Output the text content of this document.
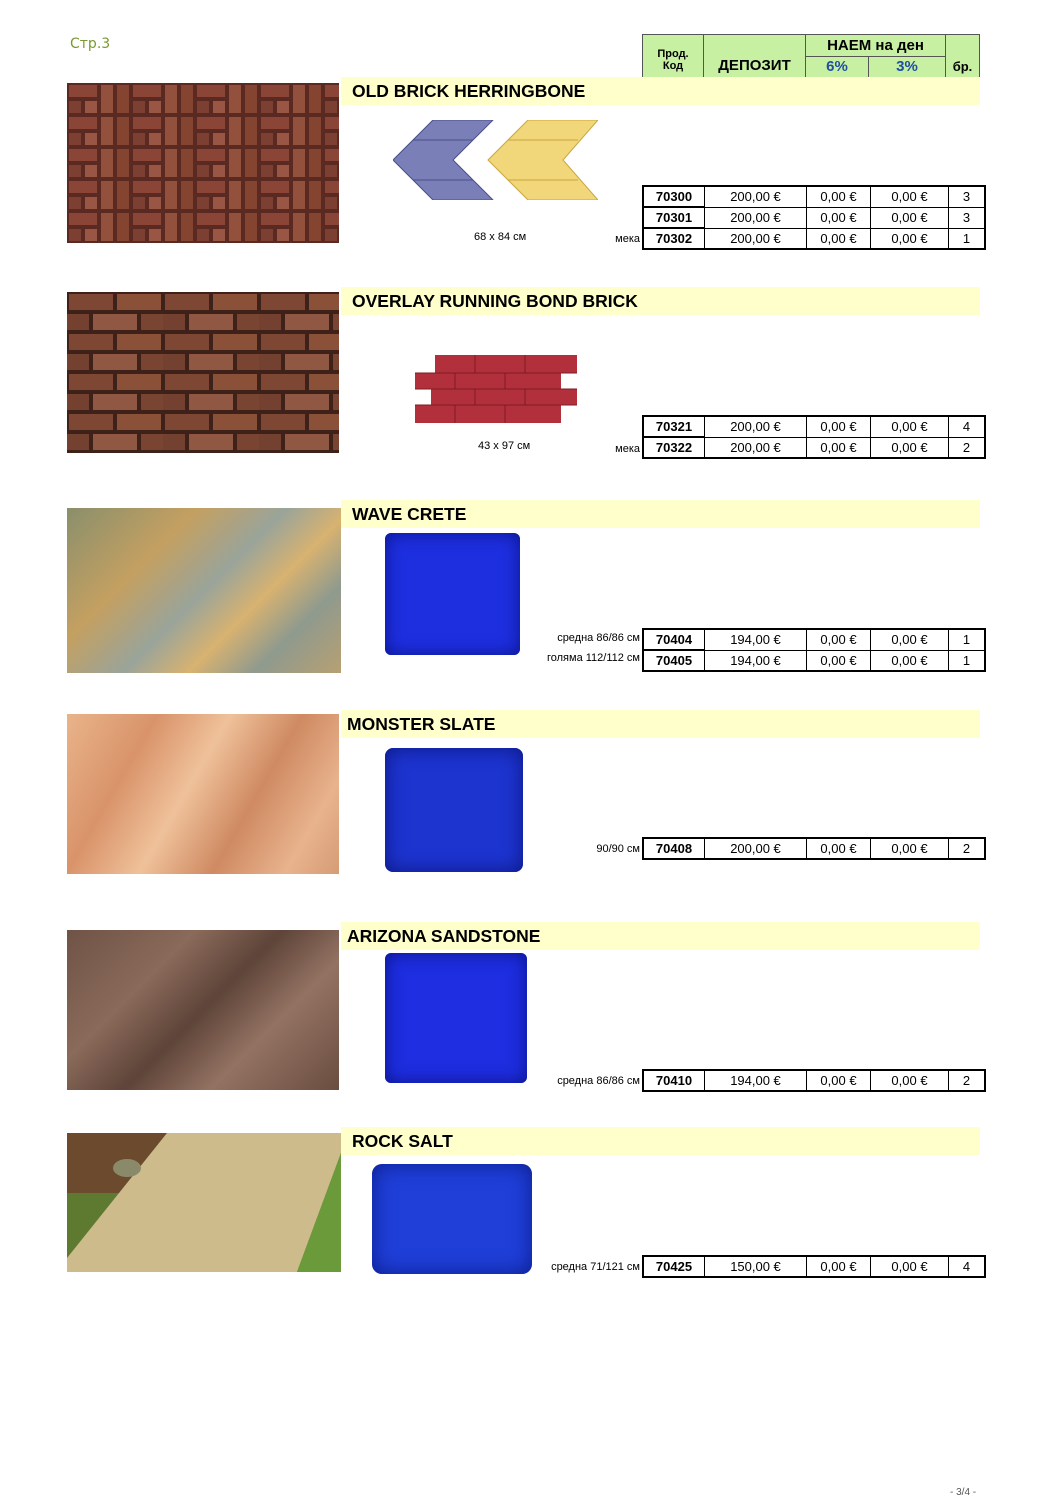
Стр.3
Прод.
Код	ДЕПОЗИТ
НАЕМ на ден
6%	3%	бр.
OLD BRICK HERRINGBONE
68 x 84 см	мека
70300	200,00 €	0,00 €	0,00 €	3
70301	200,00 €	0,00 €	0,00 €	3
70302	200,00 €	0,00 €	0,00 €	1
OVERLAY RUNNING BOND BRICK
43 x 97 см	мека
70321	200,00 €	0,00 €	0,00 €	4
70322	200,00 €	0,00 €	0,00 €	2
WAVE CRETE
средна 86/86 см
голяма 112/112 см
70404	194,00 €	0,00 €	0,00 €	1
70405	194,00 €	0,00 €	0,00 €	1
MONSTER SLATE
90/90 см 70408	200,00 €	0,00 €	0,00 €	2
ARIZONA SANDSTONE
средна 86/86 см 70410	194,00 €	0,00 €	0,00 €	2
ROCK SALT
средна 71/121 см 70425	150,00 €	0,00 €	0,00 €	4
- 3/4 -
